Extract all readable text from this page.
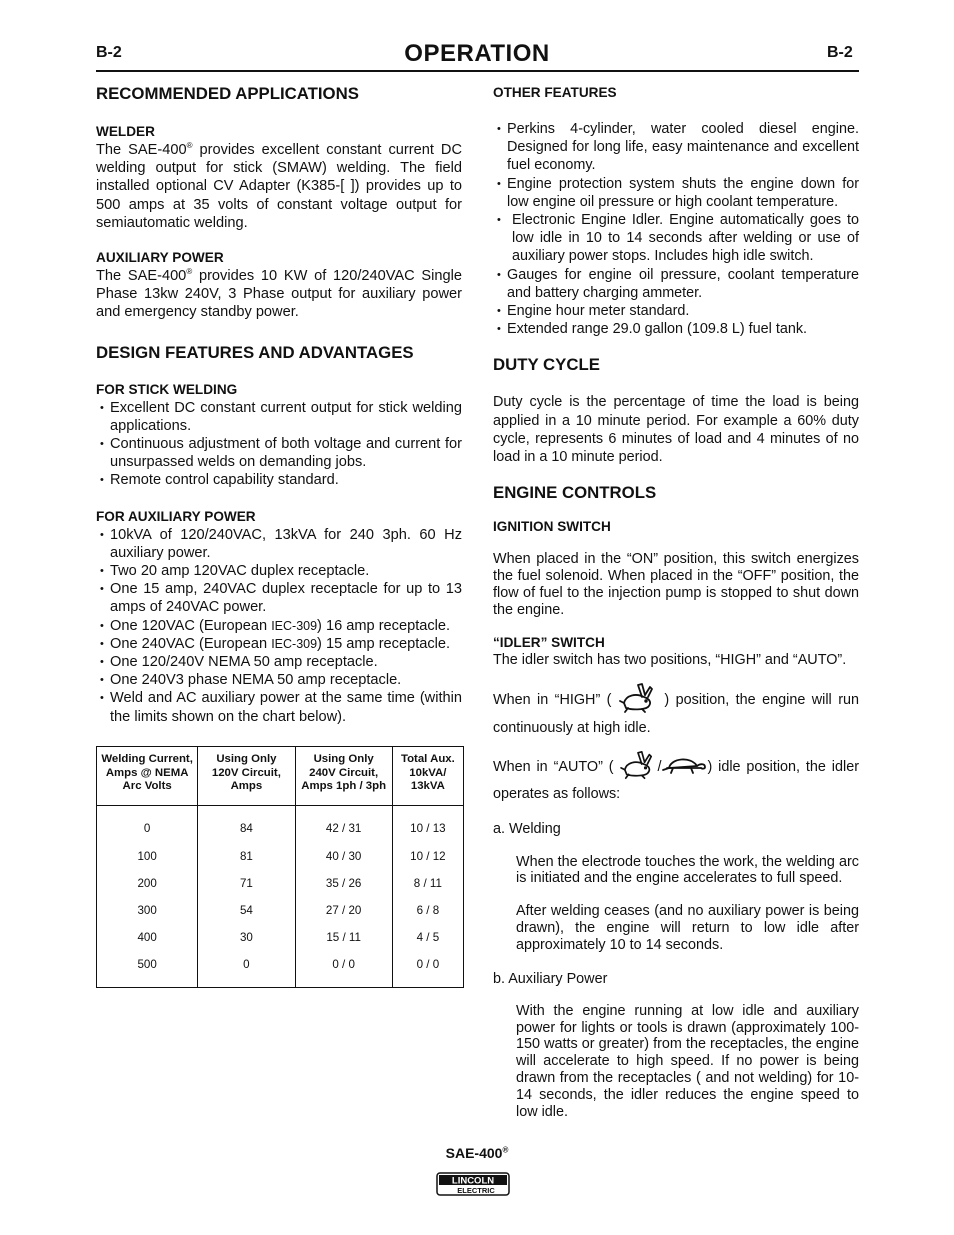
B-2	OPERATION	B-2
RECOMMENDED APPLICATIONS
WELDER

The SAE-400® provides excellent constant current DC welding output for stick (SMAW) welding. The field installed optional CV Adapter (K385-[ ]) provides up to 500 amps at 35 volts of constant voltage output for semiautomatic welding.

AUXILIARY POWER

The SAE-400® provides 10 KW of 120/240VAC Single Phase 13kw 240V, 3 Phase output for auxiliary power and emergency standby power.

DESIGN FEATURES AND ADVANTAGES
FOR STICK WELDING
• Excellent DC constant current output for stick welding applications.
• Continuous adjustment of both voltage and current for unsurpassed welds on demanding jobs.
• Remote control capability standard.
FOR AUXILIARY POWER
• 10kVA of 120/240VAC, 13kVA for 240 3ph. 60 Hz auxiliary power.
• Two 20 amp 120VAC duplex receptacle.
• One 15 amp, 240VAC duplex receptacle for up to 13 amps of 240VAC power.
• One 120VAC (European IEC-309) 16 amp receptacle.
• One 240VAC (European IEC-309) 15 amp receptacle.
• One 120/240V NEMA 50 amp receptacle.
• One 240V3 phase NEMA 50 amp receptacle.
• Weld and AC auxiliary power at the same time (within the limits shown on the chart below).
Welding Current, Amps @ NEMA Arc Volts	Using Only 120V Circuit, Amps	Using Only 240V Circuit, Amps 1ph / 3ph	Total Aux. 10kVA/ 13kVA
0	84	42 / 31	10 / 13
100	81	40 / 30	10 / 12
200	71	35 / 26	8 / 11
300	54	27 / 20	6 / 8
400	30	15 / 11	4 / 5
500	0	0 / 0	0 / 0
OTHER FEATURES
• Perkins 4-cylinder, water cooled diesel engine. Designed for long life, easy maintenance and excellent fuel economy.
• Engine protection system shuts the engine down for low engine oil pressure or high coolant temperature.
• Electronic Engine Idler. Engine automatically goes to low idle in 10 to 14 seconds after welding or use of auxiliary power stops. Includes high idle switch.
• Gauges for engine oil pressure, coolant temperature and battery charging ammeter.
• Engine hour meter standard.
• Extended range 29.0 gallon (109.8 L) fuel tank.
DUTY CYCLE

Duty cycle is the percentage of time the load is being applied in a 10 minute period. For example a 60% duty cycle, represents 6 minutes of load and 4 minutes of no load in a 10 minute period.

ENGINE CONTROLS
IGNITION SWITCH

When placed in the “ON” position, this switch energizes the fuel solenoid. When placed in the “OFF” position, the flow of fuel to the injection pump is stopped to shut down the engine.

“IDLER” SWITCH

The idler switch has two positions, “HIGH” and “AUTO”.

When in “HIGH” (	) position, the engine will run continuously at high idle.

When in “AUTO” (	/	) idle position, the idler operates as follows:

a. Welding

When the electrode touches the work, the welding arc is initiated and the engine accelerates to full speed.

After welding ceases (and no auxiliary power is being drawn), the engine will return to low idle after approximately 10 to 14 seconds.

b. Auxiliary Power

With the engine running at low idle and auxiliary power for lights or tools is drawn (approximately 100-150 watts or greater) from the receptacles, the engine will accelerate to high speed. If no power is being drawn from the receptacles ( and not welding) for 10-14 seconds, the idler reduces the engine speed to low idle.

SAE-400®
LINCOLN
ELECTRIC
